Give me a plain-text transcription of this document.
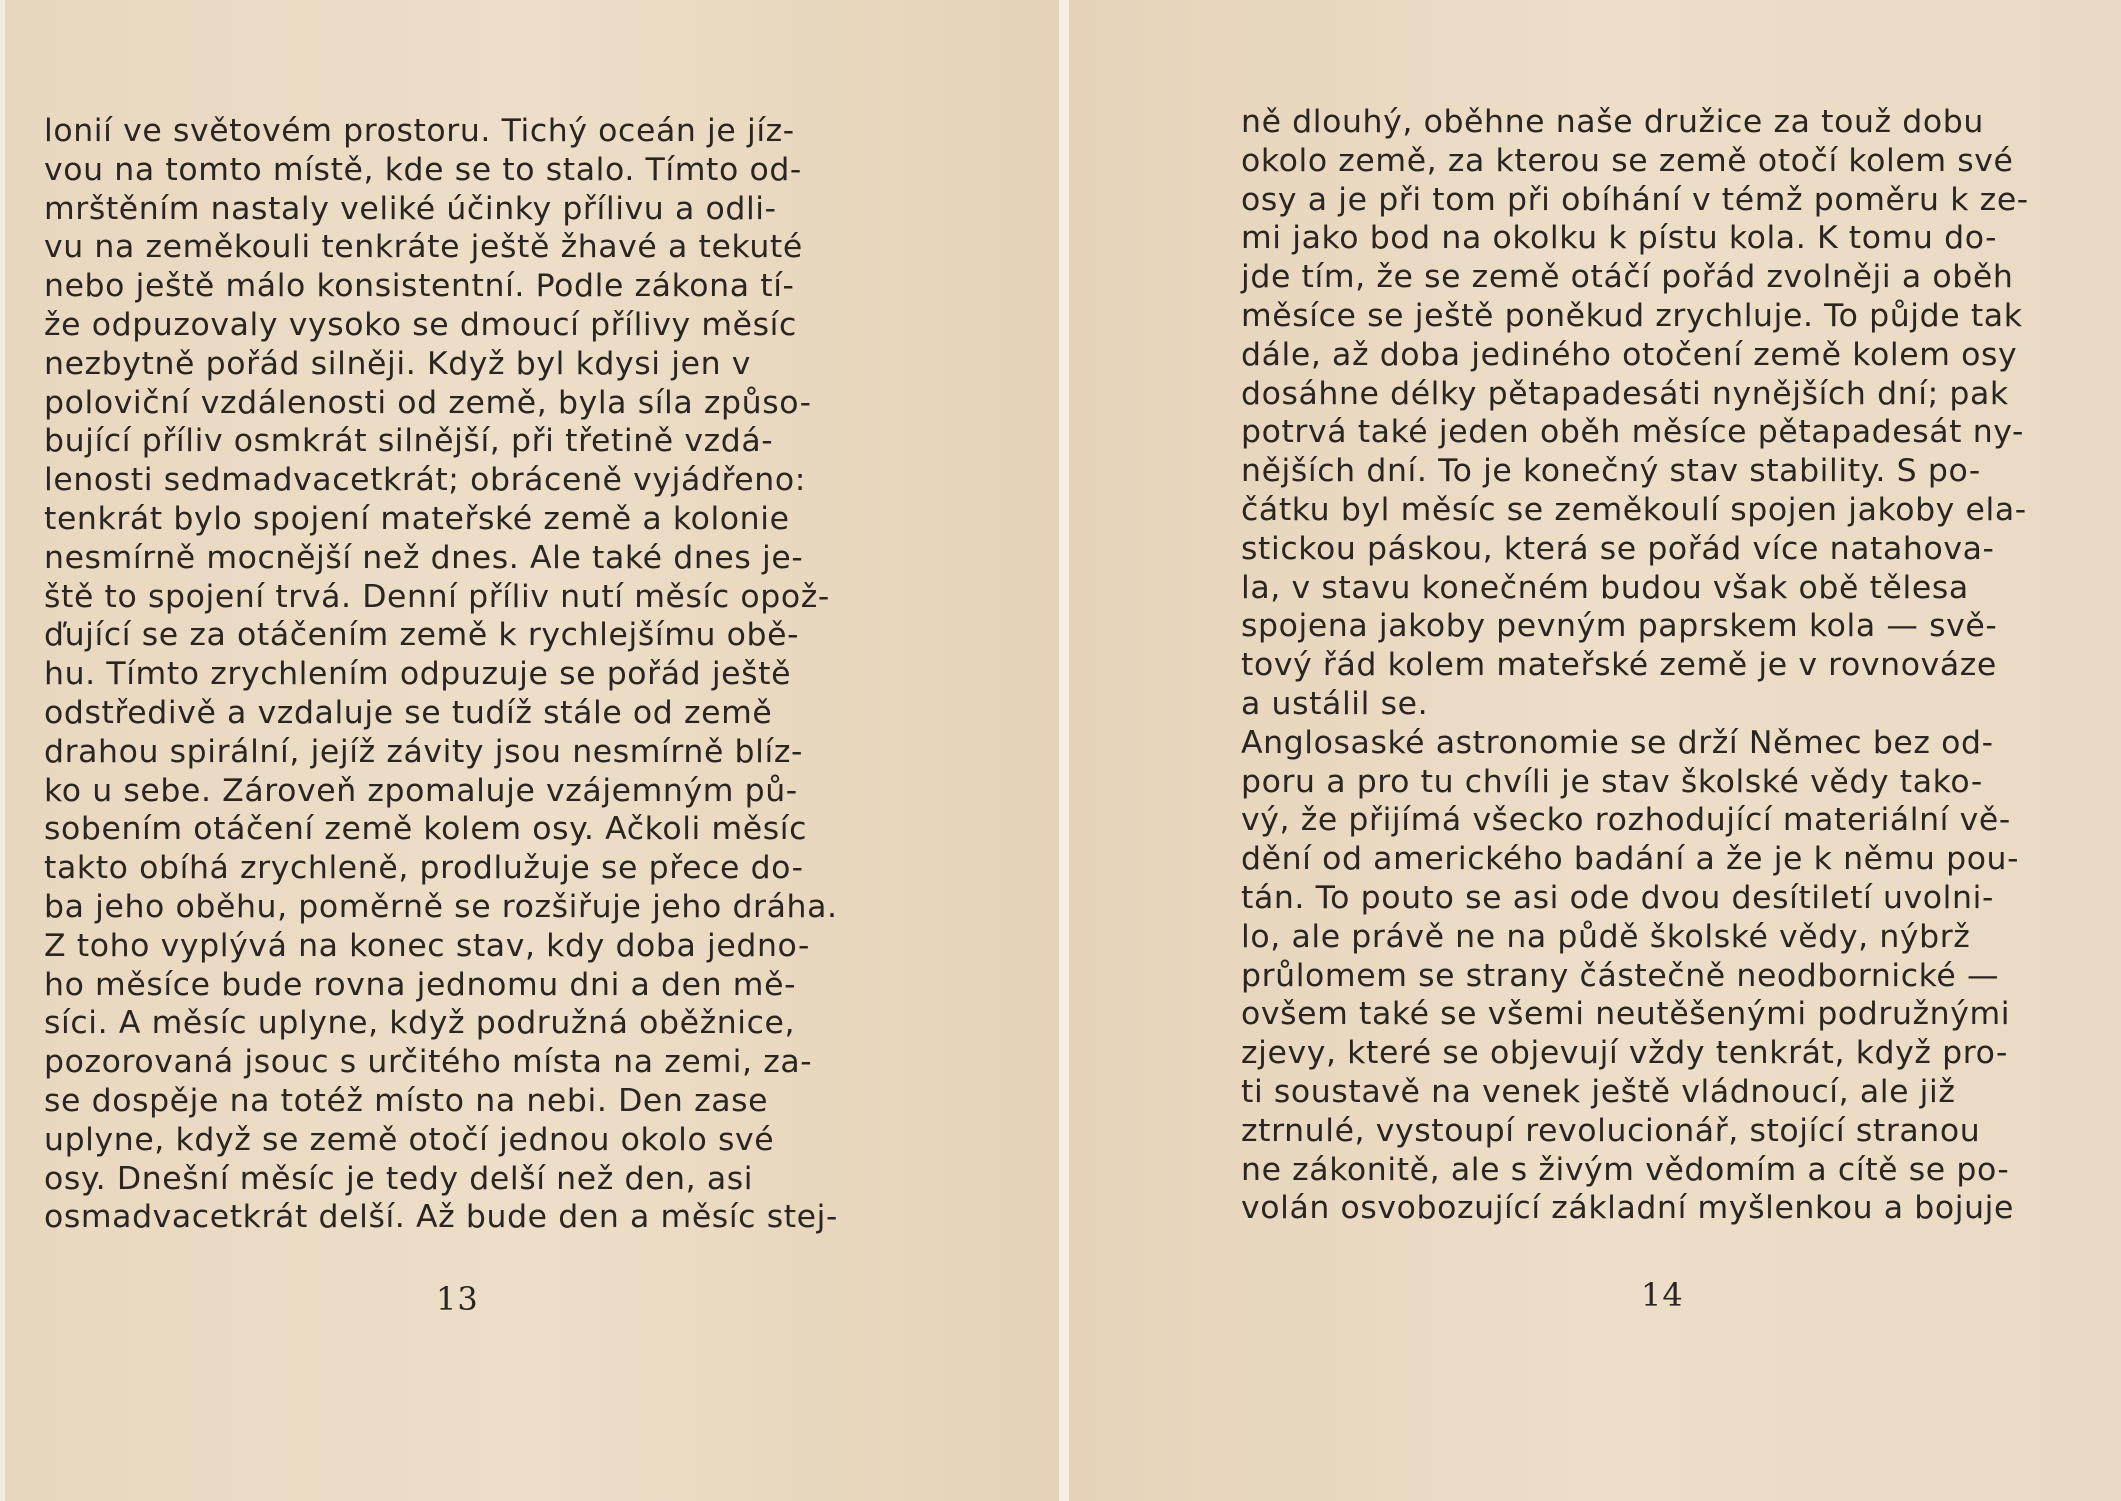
lonií ve světovém prostoru. Tichý oceán je jíz-
vou na tomto místě, kde se to stalo. Tímto od-
mrštěním nastaly veliké účinky přílivu a odli-
vu na zeměkouli tenkráte ještě žhavé a tekuté
nebo ještě málo konsistentní. Podle zákona tí-
že odpuzovaly vysoko se dmoucí přílivy měsíc
nezbytně pořád silněji. Když byl kdysi jen v
poloviční vzdálenosti od země, byla síla způso-
bující příliv osmkrát silnější, při třetině vzdá-
lenosti sedmadvacetkrát; obráceně vyjádřeno:
tenkrát bylo spojení mateřské země a kolonie
nesmírně mocnější než dnes. Ale také dnes je-
ště to spojení trvá. Denní příliv nutí měsíc opož-
ďující se za otáčením země k rychlejšímu obě-
hu. Tímto zrychlením odpuzuje se pořád ještě
odstředivě a vzdaluje se tudíž stále od země
drahou spirální, jejíž závity jsou nesmírně blíz-
ko u sebe. Zároveň zpomaluje vzájemným pů-
sobením otáčení země kolem osy. Ačkoli měsíc
takto obíhá zrychleně, prodlužuje se přece do-
ba jeho oběhu, poměrně se rozšiřuje jeho dráha.
Z toho vyplývá na konec stav, kdy doba jedno-
ho měsíce bude rovna jednomu dni a den mě-
síci. A měsíc uplyne, když podružná oběžnice,
pozorovaná jsouc s určitého místa na zemi, za-
se dospěje na totéž místo na nebi. Den zase
uplyne, když se země otočí jednou okolo své
osy. Dnešní měsíc je tedy delší než den, asi
osmadvacetkrát delší. Až bude den a měsíc stej-
13
ně dlouhý, oběhne naše družice za touž dobu
okolo země, za kterou se země otočí kolem své
osy a je při tom při obíhání v témž poměru k ze-
mi jako bod na okolku k pístu kola. K tomu do-
jde tím, že se země otáčí pořád zvolněji a oběh
měsíce se ještě poněkud zrychluje. To půjde tak
dále, až doba jediného otočení země kolem osy
dosáhne délky pětapadesáti nynějších dní; pak
potrvá také jeden oběh měsíce pětapadesát ny-
nějších dní. To je konečný stav stability. S po-
čátku byl měsíc se zeměkoulí spojen jakoby ela-
stickou páskou, která se pořád více natahova-
la, v stavu konečném budou však obě tělesa
spojena jakoby pevným paprskem kola — svě-
tový řád kolem mateřské země je v rovnováze
a ustálil se.
Anglosaské astronomie se drží Němec bez od-
poru a pro tu chvíli je stav školské vědy tako-
vý, že přijímá všecko rozhodující materiální vě-
dění od amerického badání a že je k němu pou-
tán. To pouto se asi ode dvou desítiletí uvolni-
lo, ale právě ne na půdě školské vědy, nýbrž
průlomem se strany částečně neodbornické —
ovšem také se všemi neutěšenými podružnými
zjevy, které se objevují vždy tenkrát, když pro-
ti soustavě na venek ještě vládnoucí, ale již
ztrnulé, vystoupí revolucionář, stojící stranou
ne zákonitě, ale s živým vědomím a cítě se po-
volán osvobozující základní myšlenkou a bojuje
14
